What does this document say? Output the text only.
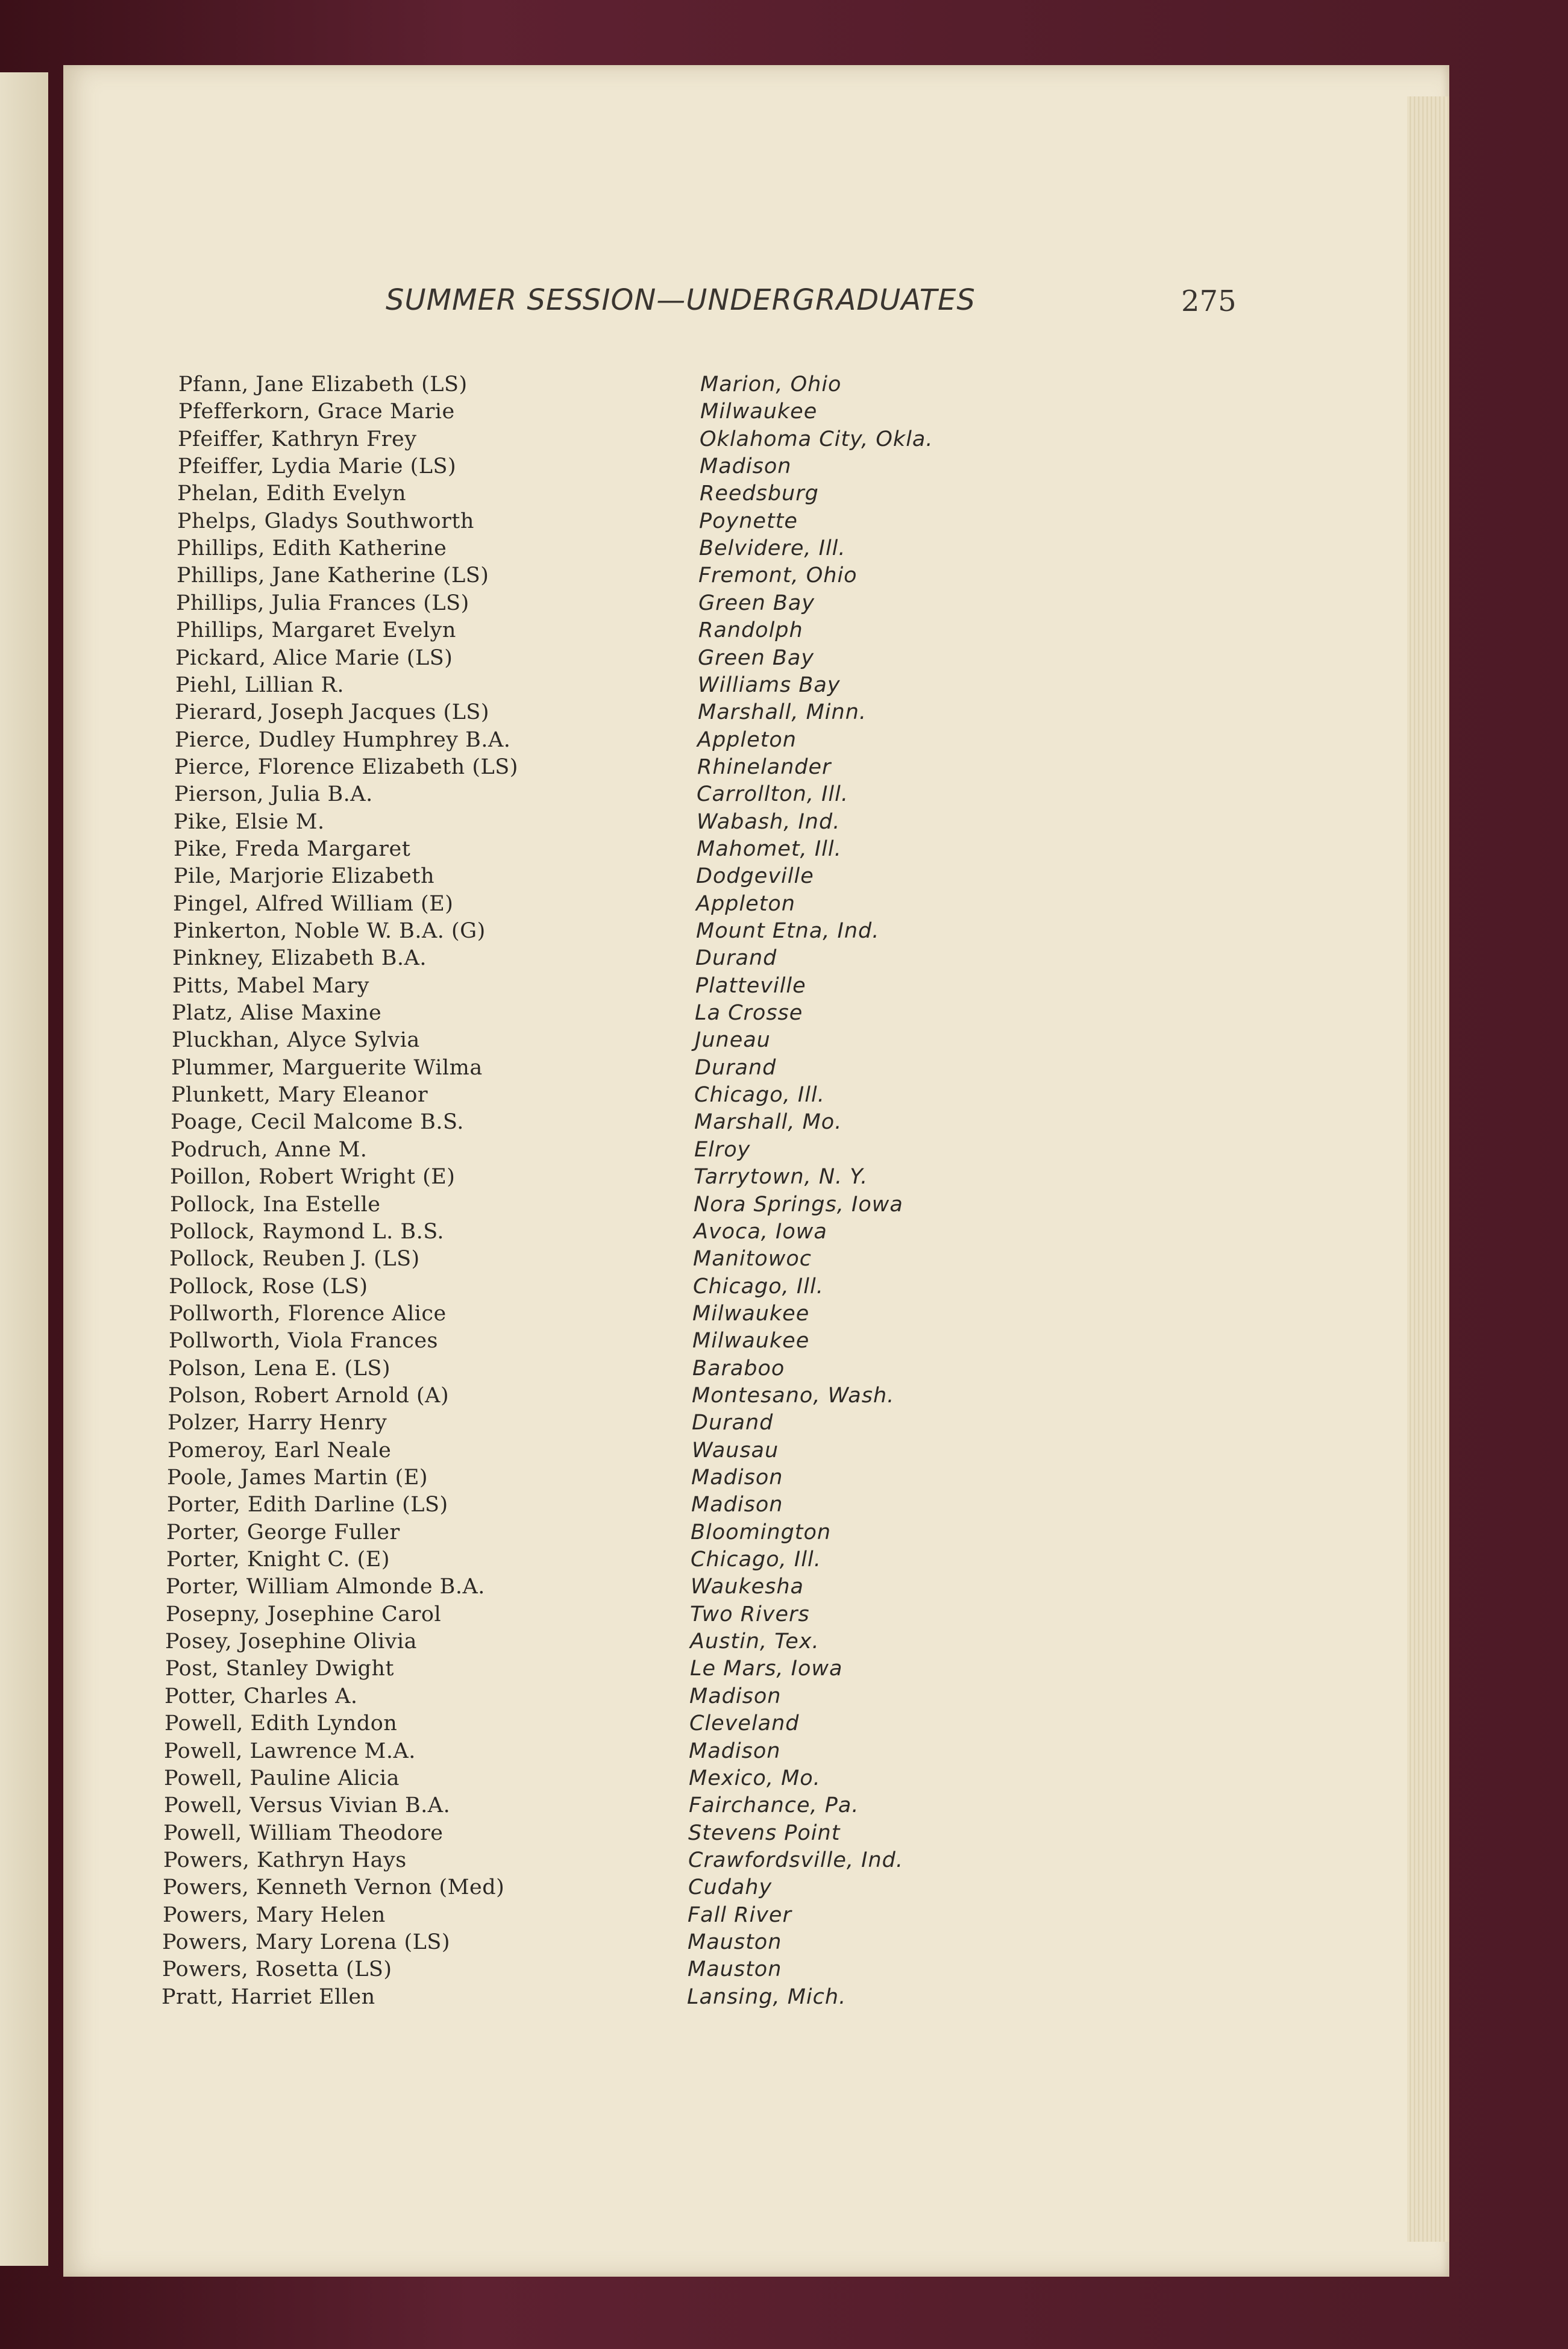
SUMMER SESSION—UNDERGRADUATES	275
Pfann, Jane Elizabeth (LS)	Marion, Ohio
Pfefferkorn, Grace Marie	Milwaukee
Pfeiffer, Kathryn Frey	Oklahoma City, Okla.
Pfeiffer, Lydia Marie (LS)	Madison
Phelan, Edith Evelyn	Reedsburg
Phelps, Gladys Southworth	Poynette
Phillips, Edith Katherine	Belvidere, Ill.
Phillips, Jane Katherine (LS)	Fremont, Ohio
Phillips, Julia Frances (LS)	Green Bay
Phillips, Margaret Evelyn	Randolph
Pickard, Alice Marie (LS)	Green Bay
Piehl, Lillian R.	Williams Bay
Pierard, Joseph Jacques (LS)	Marshall, Minn.
Pierce, Dudley Humphrey B.A.	Appleton
Pierce, Florence Elizabeth (LS)	Rhinelander
Pierson, Julia B.A.	Carrollton, Ill.
Pike, Elsie M.	Wabash, Ind.
Pike, Freda Margaret	Mahomet, Ill.
Pile, Marjorie Elizabeth	Dodgeville
Pingel, Alfred William (E)	Appleton
Pinkerton, Noble W. B.A. (G)	Mount Etna, Ind.
Pinkney, Elizabeth B.A.	Durand
Pitts, Mabel Mary	Platteville
Platz, Alise Maxine	La Crosse
Pluckhan, Alyce Sylvia	Juneau
Plummer, Marguerite Wilma	Durand
Plunkett, Mary Eleanor	Chicago, Ill.
Poage, Cecil Malcome B.S.	Marshall, Mo.
Podruch, Anne M.	Elroy
Poillon, Robert Wright (E)	Tarrytown, N. Y.
Pollock, Ina Estelle	Nora Springs, Iowa
Pollock, Raymond L. B.S.	Avoca, Iowa
Pollock, Reuben J. (LS)	Manitowoc
Pollock, Rose (LS)	Chicago, Ill.
Pollworth, Florence Alice	Milwaukee
Pollworth, Viola Frances	Milwaukee
Polson, Lena E. (LS)	Baraboo
Polson, Robert Arnold (A)	Montesano, Wash.
Polzer, Harry Henry	Durand
Pomeroy, Earl Neale	Wausau
Poole, James Martin (E)	Madison
Porter, Edith Darline (LS)	Madison
Porter, George Fuller	Bloomington
Porter, Knight C. (E)	Chicago, Ill.
Porter, William Almonde B.A.	Waukesha
Posepny, Josephine Carol	Two Rivers
Posey, Josephine Olivia	Austin, Tex.
Post, Stanley Dwight	Le Mars, Iowa
Potter, Charles A.	Madison
Powell, Edith Lyndon	Cleveland
Powell, Lawrence M.A.	Madison
Powell, Pauline Alicia	Mexico, Mo.
Powell, Versus Vivian B.A.	Fairchance, Pa.
Powell, William Theodore	Stevens Point
Powers, Kathryn Hays	Crawfordsville, Ind.
Powers, Kenneth Vernon (Med)	Cudahy
Powers, Mary Helen	Fall River
Powers, Mary Lorena (LS)	Mauston
Powers, Rosetta (LS)	Mauston
Pratt, Harriet Ellen	Lansing, Mich.
